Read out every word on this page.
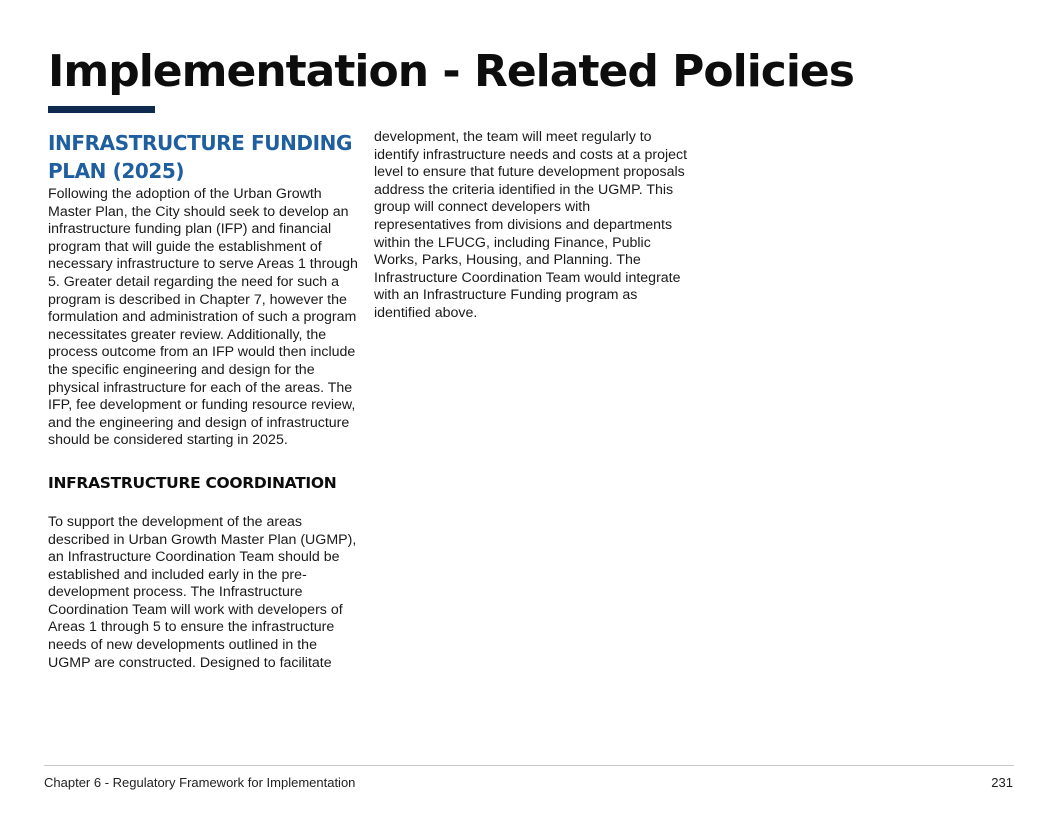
Implementation - Related Policies
INFRASTRUCTURE FUNDING
PLAN (2025)

Following the adoption of the Urban Growth Master Plan, the City should seek to develop an infrastructure funding plan (IFP) and financial program that will guide the establishment of necessary infrastructure to serve Areas 1 through 5. Greater detail regarding the need for such a program is described in Chapter 7, however the formulation and administration of such a program necessitates greater review. Additionally, the process outcome from an IFP would then include the specific engineering and design for the physical infrastructure for each of the areas. The IFP, fee development or funding resource review, and the engineering and design of infrastructure should be considered starting in 2025.

INFRASTRUCTURE COORDINATION

To support the development of the areas described in Urban Growth Master Plan (UGMP), an Infrastructure Coordination Team should be established and included early in the pre-development process. The Infrastructure Coordination Team will work with developers of Areas 1 through 5 to ensure the infrastructure needs of new developments outlined in the UGMP are constructed. Designed to facilitate

development, the team will meet regularly to identify infrastructure needs and costs at a project level to ensure that future development proposals address the criteria identified in the UGMP. This group will connect developers with representatives from divisions and departments within the LFUCG, including Finance, Public Works, Parks, Housing, and Planning. The Infrastructure Coordination Team would integrate with an Infrastructure Funding program as identified above.

Chapter 6 - Regulatory Framework for Implementation	231
